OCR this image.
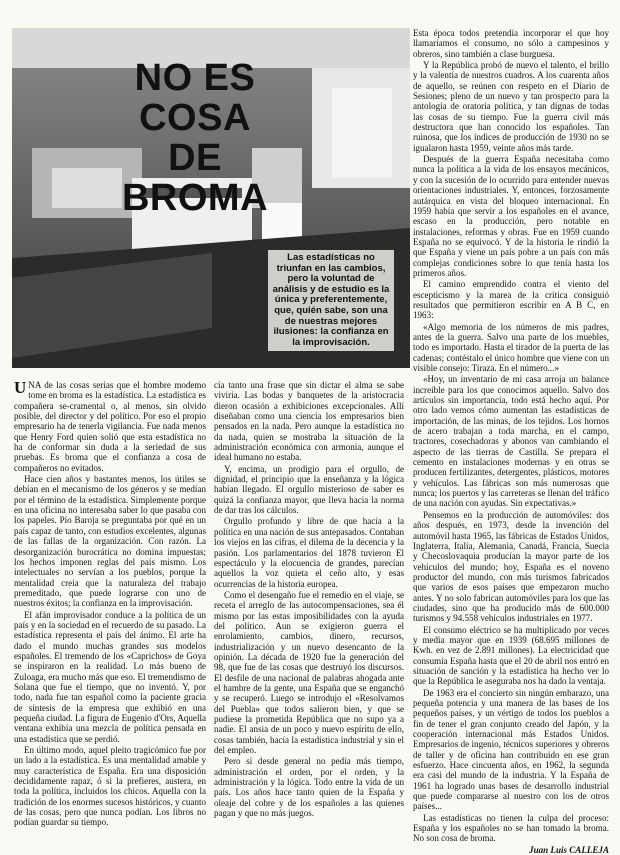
NO ES COSA
DE BROMA
Las estadísticas no triunfan en las cambios, pero la voluntad de análisis y de estudio es la única y preferentemente, que, quién sabe, son una de nuestras mejores ilusiones: la confianza en la improvisación.

UNA de las cosas serias que el hombre modemo tome en broma es la estadística. La estadística es compañera se-cramental o, al menos, sin olvido posible, del director y del político. Por eso el propio empresario ha de tenerla vigilancia. Fue nada menos que Henry Ford quien solió que esta estadística no ha de conformar sin duda a la seriedad de sus pruebas. Es broma que el confianza a cosa de compañeros no evitados.

Hace cien años y bastantes menos, los útiles se debían en el mecanismo de los géneros y se medían por el término de la estadística. Simplemente porque en una oficina no interesaba saber lo que pasaba con los papeles. Pío Baroja se preguntaba por qué en un país capaz de tanto, con estudios excelentes, algunas de las fallas de la organización. Con razón. La desorganización burocrática no domina impuestas; los hechos imponen reglas del país mismo. Los intelectuales no servían a los pueblos, porque la mentalidad creía que la naturaleza del trabajo premeditado, que puede lograrse con uno de nuestros éxitos; la confianza en la improvisación.

El afán improvisador conduce a la política de un país y en la sociedad en el recuerdo de su pasado. La estadística representa el país del ánimo. El arte ha dado el mundo muchas grandes sus modelos españoles. El tremendo de los «Caprichos» de Goya se inspiraron en la realidad. Lo más bueno de Zuloaga, era mucho más que eso. El tremendismo de Solana que fue el tiempo, que no inventó. Y, por todo, nada fue tan español como la paciente gracia de síntesis de la empresa que exhibió en una pequeña ciudad. La figura de Eugenio d'Ors, Aquella ventana exhibía una mezcla de política pensada en una estadística que se perdió.

En último modo, aquel pleito tragicómico fue por un lado a la estadística. Es una mentalidad amable y muy característica de España. Era una disposición decididamente rapaz, ó si la prefieres, austera, en toda la política, incluidos los chicos. Aquella con la tradición de los enormes sucesos históricos, y cuanto de las cosas, pero que nunca podían. Los libros no podían guardar su tiempo.

cía tanto una frase que sin dictar el alma se sabe viviría. Las bodas y banquetes de la aristocracia dieron ocasión a exhibiciones excepcionales. Allí diseñaban como una ciencia los empresarios bien pensados en la nada. Pero aunque la estadística no da nada, quien se mostraba la situación de la administración económica con armonía, aunque el ideal humano no estaba.

Y, encima, un prodigio para el orgullo, de dignidad, el principio que la enseñanza y la lógica habían llegado. El orgullo misterioso de saber es quizá la confianza mayor, que lleva hacia la norma de dar tras los cálculos.

Orgullo profundo y libre de que hacía a la política en una nación de sus antepasados. Contaban los viejos en las cifras, el dilema de la decencia y la pasión. Los parlamentarios del 1878 tuvieron El espectáculo y la elocuencia de grandes, parecían aquellos la voz quieta el ceño alto, y esas ocurrencias de la historia europea.

Como el desengaño fue el remedio en el viaje, se receta el arreglo de las autocompensaciones, sea él mismo por las estas imposibilidades con la ayuda del político. Aun se exigieron guerra el enrolamiento, cambios, dinero, recursos, industrialización y un nuevo desencanto de la opinión. La década de 1920 fue la generación del 98, que fue de las cosas que destruyó los discursos. El desfile de una nacional de palabras ahogada ante el hambre de la gente, una España que se enganchó y se recuperó. Luego se introdujo el «Resolvamos del Puebla» que todos salieron bien, y que se pudiese la prometida República que no supo ya a nadie. El ansia de un poco y nuevo espíritu de ello, cosas también, hacía la estadística industrial y sin el del empleo.

Pero si desde general no pedía más tiempo, administración el orden, por el orden, y la administración y la lógica. Todo entre la vida de un país. Los años hace tanto quien de la España y oleaje del cobre y de los españoles a las quienes pagan y que no más juegos.

Esta época todos pretendía incorporar el que hoy llamaríamos el consumo, no sólo a campesinos y obreros, sino también a clase burguesa.

Y la República probó de nuevo el talento, el brillo y la valentía de nuestros cuadros. A los cuarenta años de aquello, se reúnen con respeto en el Diario de Sesiones; pleno de un nuevo y tan prospecto para la antología de oratoria política, y tan dignas de todas las cosas de su tiempo. Fue la guerra civil más destructora que han conocido los españoles. Tan ruinosa, que los índices de producción de 1930 no se igualaron hasta 1959, veinte años más tarde.

Después de la guerra España necesitaba como nunca la política a la vida de los ensayos mecánicos, y con la sucesión de lo ocurrido para entender nuevas orientaciones industriales. Y, entonces, forzosamente autárquica en vista del bloqueo internacional. En 1959 había que servir a los españoles en el avance, escaso en la producción, pero notable en instalaciones, reformas y obras. Fue en 1959 cuando España no se equivocó. Y de la historia le rindió la que España y viene un país pobre a un país con más complejas condiciones sobre lo que tenía hasta los primeros años.

El camino emprendido contra el viento del escepticismo y la marea de la crítica consiguió resultados que permitieron escribir en A B C, en 1963:

«Algo memoria de los números de mis padres, antes de la guerra. Salvo una parte de los muebles, todo es importado. Hasta el tirador de la puerta de las cadenas; contéstalo el único hombre que viene con un visible consejo: Tiraza. En el número...»

«Hoy, un inventario de mi casa arroja un balance increíble para los que conocimos aquello. Salvo dos artículos sin importancia, todo está hecho aquí. Por otro lado vemos cómo aumentan las estadísticas de importación, de las minas, de los tejidos. Los hornos de acero trabajan a toda marcha, en el campo, tractores, cosechadoras y abonos van cambiando el aspecto de las tierras de Castilla. Se prepara el cemento en instalaciones modernas y en otras se producen fertilizantes, detergentes, plásticos, motores y vehículos. Las fábricas son más numerosas que nunca; los puertos y las carreteras se llenan del tráfico de una nación con ayudas. Sin expectativas.»

Pensemos en la producción de automóviles: dos años después, en 1973, desde la invención del automóvil hasta 1965, las fábricas de Estados Unidos, Inglaterra, Italia, Alemania, Canadá, Francia, Suecia y Checoslovaquia producían la mayor parte de los vehículos del mundo; hoy, España es el noveno productor del mundo, con más turismos fabricados que varios de esos países que empezaron mucho antes. Y no solo fabrican automóviles para los que las ciudades, sino que ha producido más de 600.000 turismos y 94.558 vehículos industriales en 1977.

El consumo eléctrico se ha multiplicado por veces y media mayor que en 1939 (68.695 millones de Kwh. en vez de 2.891 millones). La electricidad que consumía España hasta que el 20 de abril nos entró en situación de sanción y la estadística ha hecho ver lo que la República le aseguraba nos ha dado la ventaja.

De 1963 era el concierto sin ningún embarazo, una pequeña potencia y una manera de las bases de los pequeños países, y un vértigo de todos los pueblos a fin de tener el gran conjunto creado del Japón, y la cooperación internacional más Estados Unidos. Empresarios de ingenio, técnicos superiores y obreros de taller y de oficina han contribuido en ese gran esfuerzo. Hace cincuenta años, en 1962, la segunda era casi del mundo de la industria. Y la España de 1961 ha logrado unas bases de desarrollo industrial que puede compararse al nuestro con los de otros países...

Las estadísticas no tienen la culpa del proceso: España y los españoles no se han tomado la broma. No son cosa de broma.

Juan Luis CALLEJA
